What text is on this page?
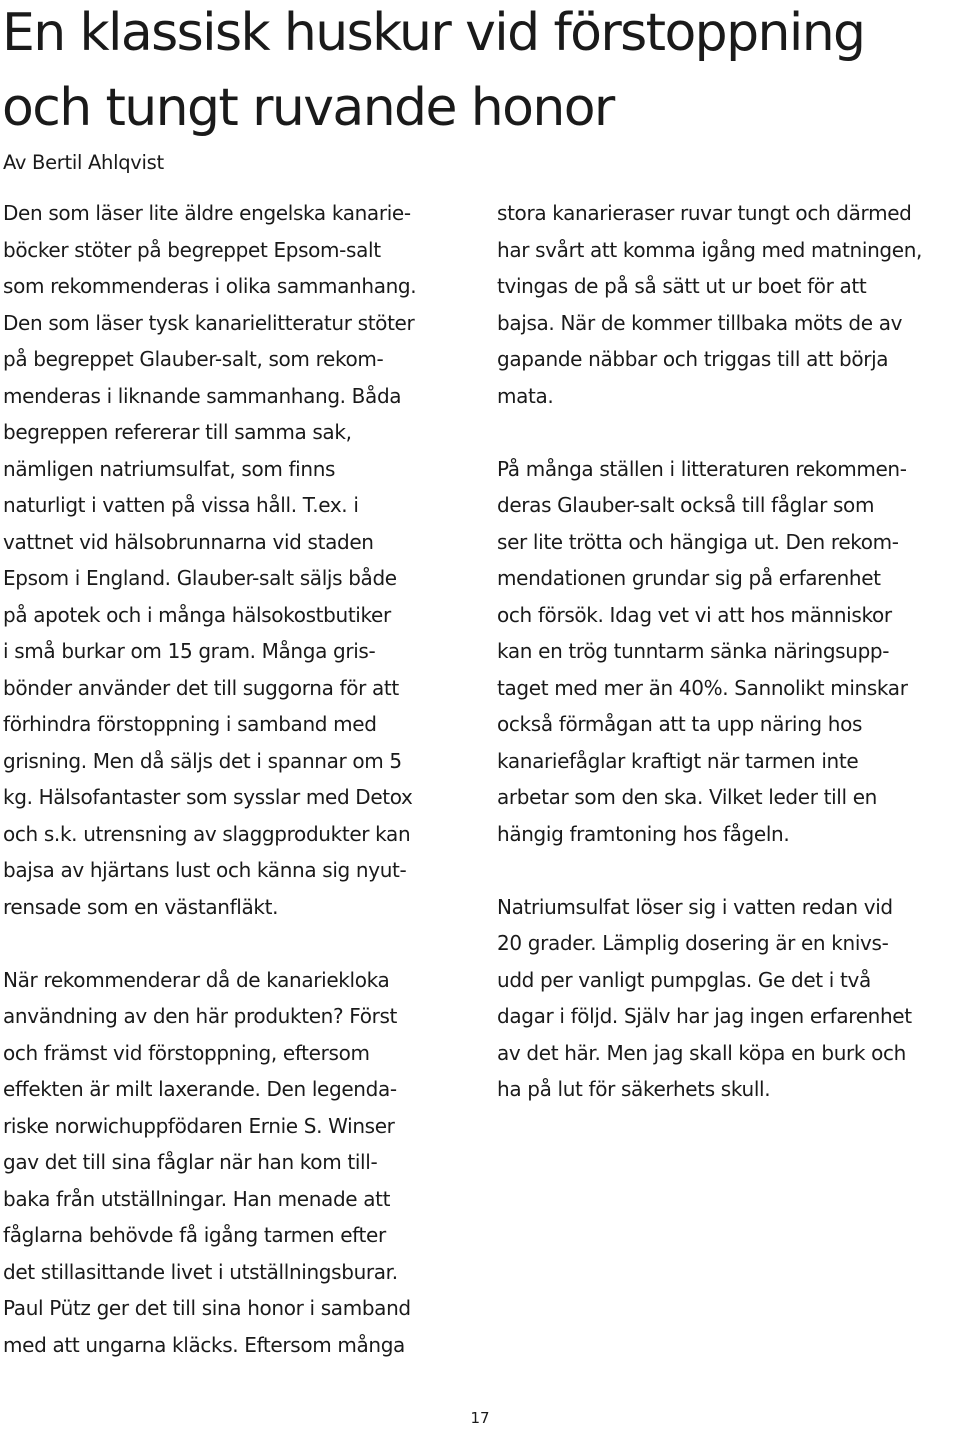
En klassisk huskur vid förstoppning
och tungt ruvande honor

Av Bertil Ahlqvist

Den som läser lite äldre engelska kanarie-
böcker stöter på begreppet Epsom-salt
som rekommenderas i olika sammanhang.
Den som läser tysk kanarielitteratur stöter
på begreppet Glauber-salt, som rekom-
menderas i liknande sammanhang. Båda
begreppen refererar till samma sak,
nämligen natriumsulfat, som finns
naturligt i vatten på vissa håll. T.ex. i
vattnet vid hälsobrunnarna vid staden
Epsom i England. Glauber-salt säljs både
på apotek och i många hälsokostbutiker
i små burkar om 15 gram. Många gris-
bönder använder det till suggorna för att
förhindra förstoppning i samband med
grisning. Men då säljs det i spannar om 5
kg. Hälsofantaster som sysslar med Detox
och s.k. utrensning av slaggprodukter kan
bajsa av hjärtans lust och känna sig nyut-
rensade som en västanfläkt.

När rekommenderar då de kanariekloka
användning av den här produkten? Först
och främst vid förstoppning, eftersom
effekten är milt laxerande. Den legenda-
riske norwichuppfödaren Ernie S. Winser
gav det till sina fåglar när han kom till-
baka från utställningar. Han menade att
fåglarna behövde få igång tarmen efter
det stillasittande livet i utställningsburar.
Paul Pütz ger det till sina honor i samband
med att ungarna kläcks. Eftersom många

stora kanarieraser ruvar tungt och därmed
har svårt att komma igång med matningen,
tvingas de på så sätt ut ur boet för att
bajsa. När de kommer tillbaka möts de av
gapande näbbar och triggas till att börja
mata.

På många ställen i litteraturen rekommen-
deras Glauber-salt också till fåglar som
ser lite trötta och hängiga ut. Den rekom-
mendationen grundar sig på erfarenhet
och försök. Idag vet vi att hos människor
kan en trög tunntarm sänka näringsupp-
taget med mer än 40%. Sannolikt minskar
också förmågan att ta upp näring hos
kanariefåglar kraftigt när tarmen inte
arbetar som den ska. Vilket leder till en
hängig framtoning hos fågeln.

Natriumsulfat löser sig i vatten redan vid
20 grader. Lämplig dosering är en knivs-
udd per vanligt pumpglas. Ge det i två
dagar i följd. Själv har jag ingen erfarenhet
av det här. Men jag skall köpa en burk och
ha på lut för säkerhets skull.

17
